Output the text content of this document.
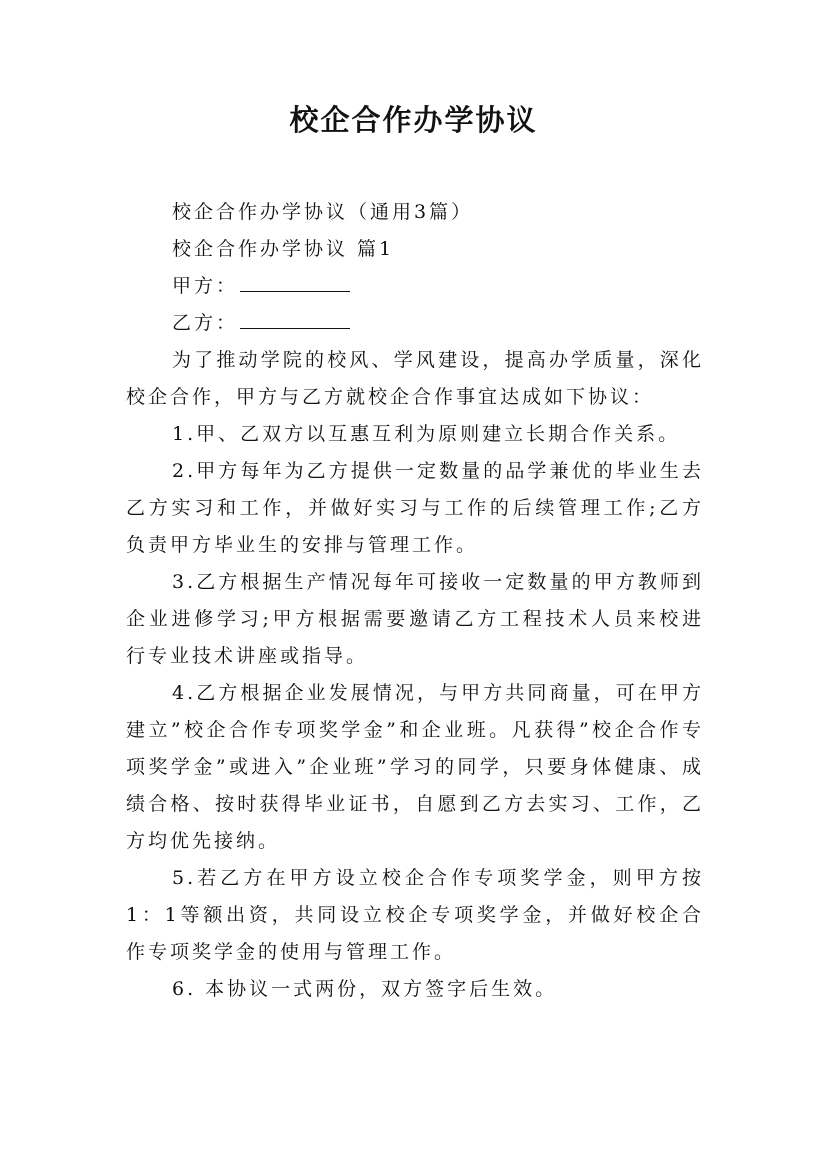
校企合作办学协议

校企合作办学协议（通用3篇）

校企合作办学协议 篇1

甲方：

乙方：

为了推动学院的校风、学风建设，提高办学质量，深化校企合作，甲方与乙方就校企合作事宜达成如下协议：

1.甲、乙双方以互惠互利为原则建立长期合作关系。

2.甲方每年为乙方提供一定数量的品学兼优的毕业生去乙方实习和工作，并做好实习与工作的后续管理工作;乙方负责甲方毕业生的安排与管理工作。

3.乙方根据生产情况每年可接收一定数量的甲方教师到企业进修学习;甲方根据需要邀请乙方工程技术人员来校进行专业技术讲座或指导。

4.乙方根据企业发展情况，与甲方共同商量，可在甲方建立”校企合作专项奖学金”和企业班。凡获得”校企合作专项奖学金”或进入”企业班”学习的同学，只要身体健康、成绩合格、按时获得毕业证书，自愿到乙方去实习、工作，乙方均优先接纳。

5.若乙方在甲方设立校企合作专项奖学金，则甲方按1：1等额出资，共同设立校企专项奖学金，并做好校企合作专项奖学金的使用与管理工作。

6. 本协议一式两份，双方签字后生效。
